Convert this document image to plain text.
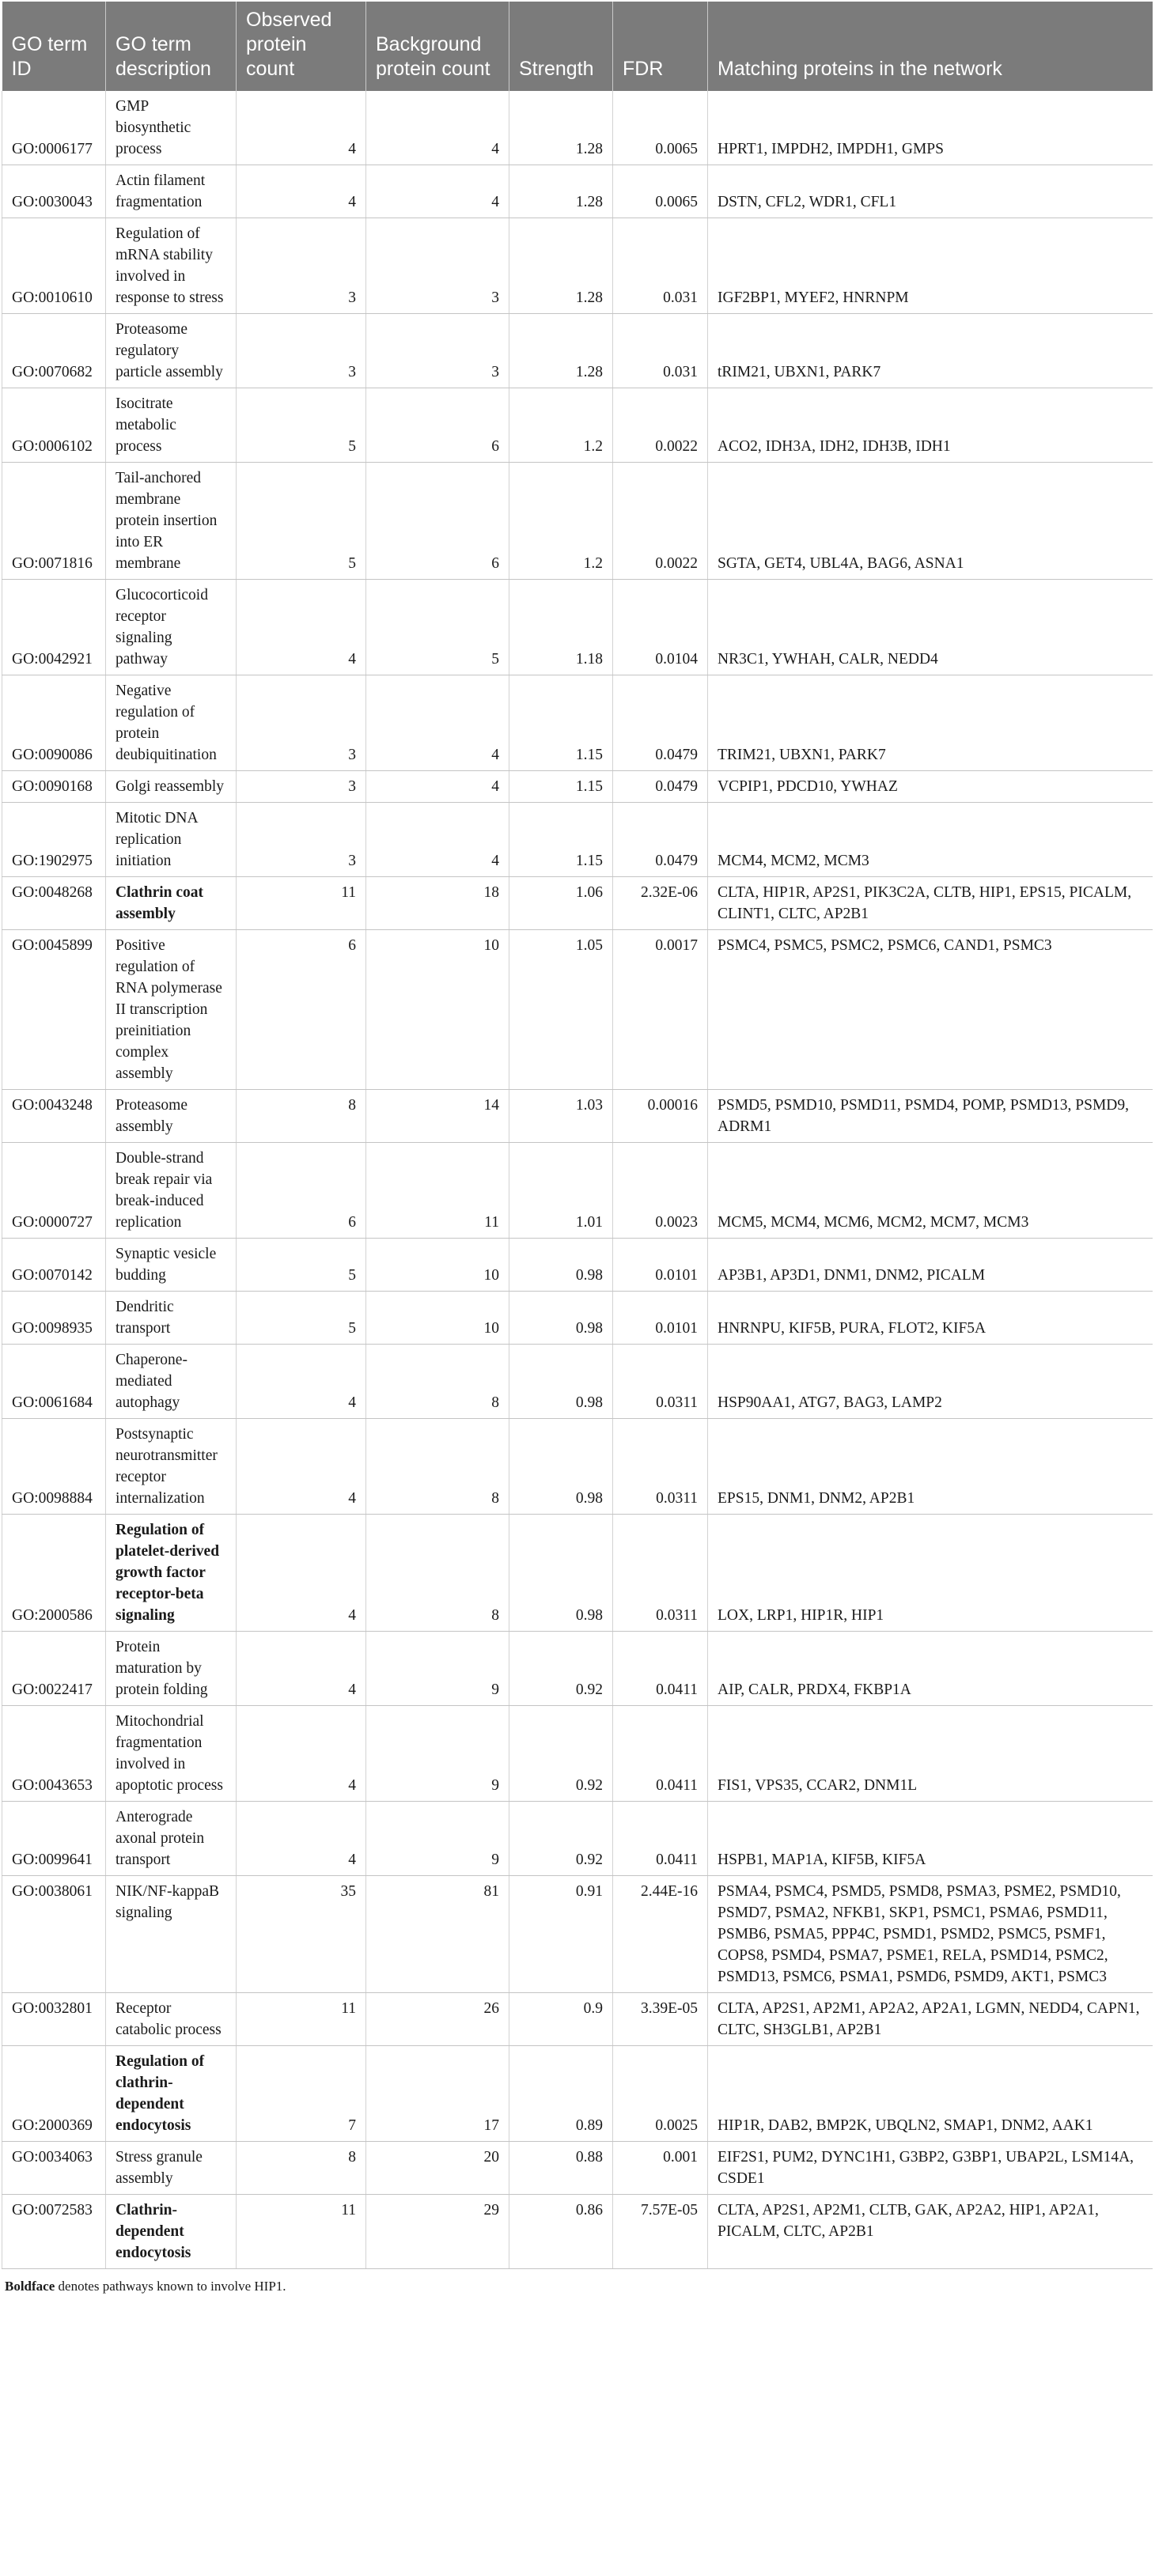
GO term ID	GO term description	Observed protein count	Background protein count	Strength	FDR	Matching proteins in the network
GO:0006177	GMP biosynthetic process	4	4	1.28	0.0065	HPRT1, IMPDH2, IMPDH1, GMPS
GO:0030043	Actin filament fragmentation	4	4	1.28	0.0065	DSTN, CFL2, WDR1, CFL1
GO:0010610	Regulation of mRNA stability involved in response to stress	3	3	1.28	0.031	IGF2BP1, MYEF2, HNRNPM
GO:0070682	Proteasome regulatory particle assembly	3	3	1.28	0.031	tRIM21, UBXN1, PARK7
GO:0006102	Isocitrate metabolic process	5	6	1.2	0.0022	ACO2, IDH3A, IDH2, IDH3B, IDH1
GO:0071816	Tail-anchored membrane protein insertion into ER membrane	5	6	1.2	0.0022	SGTA, GET4, UBL4A, BAG6, ASNA1
GO:0042921	Glucocorticoid receptor signaling pathway	4	5	1.18	0.0104	NR3C1, YWHAH, CALR, NEDD4
GO:0090086	Negative regulation of protein deubiquitination	3	4	1.15	0.0479	TRIM21, UBXN1, PARK7
GO:0090168	Golgi reassembly	3	4	1.15	0.0479	VCPIP1, PDCD10, YWHAZ
GO:1902975	Mitotic DNA replication initiation	3	4	1.15	0.0479	MCM4, MCM2, MCM3
GO:0048268	Clathrin coat assembly	11	18	1.06	2.32E-06	CLTA, HIP1R, AP2S1, PIK3C2A, CLTB, HIP1, EPS15, PICALM, CLINT1, CLTC, AP2B1
GO:0045899	Positive regulation of RNA polymerase II transcription preinitiation complex assembly	6	10	1.05	0.0017	PSMC4, PSMC5, PSMC2, PSMC6, CAND1, PSMC3
GO:0043248	Proteasome assembly	8	14	1.03	0.00016	PSMD5, PSMD10, PSMD11, PSMD4, POMP, PSMD13, PSMD9, ADRM1
GO:0000727	Double-strand break repair via break-induced replication	6	11	1.01	0.0023	MCM5, MCM4, MCM6, MCM2, MCM7, MCM3
GO:0070142	Synaptic vesicle budding	5	10	0.98	0.0101	AP3B1, AP3D1, DNM1, DNM2, PICALM
GO:0098935	Dendritic transport	5	10	0.98	0.0101	HNRNPU, KIF5B, PURA, FLOT2, KIF5A
GO:0061684	Chaperone-mediated autophagy	4	8	0.98	0.0311	HSP90AA1, ATG7, BAG3, LAMP2
GO:0098884	Postsynaptic neurotransmitter receptor internalization	4	8	0.98	0.0311	EPS15, DNM1, DNM2, AP2B1
GO:2000586	Regulation of platelet-derived growth factor receptor-beta signaling	4	8	0.98	0.0311	LOX, LRP1, HIP1R, HIP1
GO:0022417	Protein maturation by protein folding	4	9	0.92	0.0411	AIP, CALR, PRDX4, FKBP1A
GO:0043653	Mitochondrial fragmentation involved in apoptotic process	4	9	0.92	0.0411	FIS1, VPS35, CCAR2, DNM1L
GO:0099641	Anterograde axonal protein transport	4	9	0.92	0.0411	HSPB1, MAP1A, KIF5B, KIF5A
GO:0038061	NIK/NF-kappaB signaling	35	81	0.91	2.44E-16	PSMA4, PSMC4, PSMD5, PSMD8, PSMA3, PSME2, PSMD10, PSMD7, PSMA2, NFKB1, SKP1, PSMC1, PSMA6, PSMD11, PSMB6, PSMA5, PPP4C, PSMD1, PSMD2, PSMC5, PSMF1, COPS8, PSMD4, PSMA7, PSME1, RELA, PSMD14, PSMC2, PSMD13, PSMC6, PSMA1, PSMD6, PSMD9, AKT1, PSMC3
GO:0032801	Receptor catabolic process	11	26	0.9	3.39E-05	CLTA, AP2S1, AP2M1, AP2A2, AP2A1, LGMN, NEDD4, CAPN1, CLTC, SH3GLB1, AP2B1
GO:2000369	Regulation of clathrin-dependent endocytosis	7	17	0.89	0.0025	HIP1R, DAB2, BMP2K, UBQLN2, SMAP1, DNM2, AAK1
GO:0034063	Stress granule assembly	8	20	0.88	0.001	EIF2S1, PUM2, DYNC1H1, G3BP2, G3BP1, UBAP2L, LSM14A, CSDE1
GO:0072583	Clathrin-dependent endocytosis	11	29	0.86	7.57E-05	CLTA, AP2S1, AP2M1, CLTB, GAK, AP2A2, HIP1, AP2A1, PICALM, CLTC, AP2B1
Boldface denotes pathways known to involve HIP1.
